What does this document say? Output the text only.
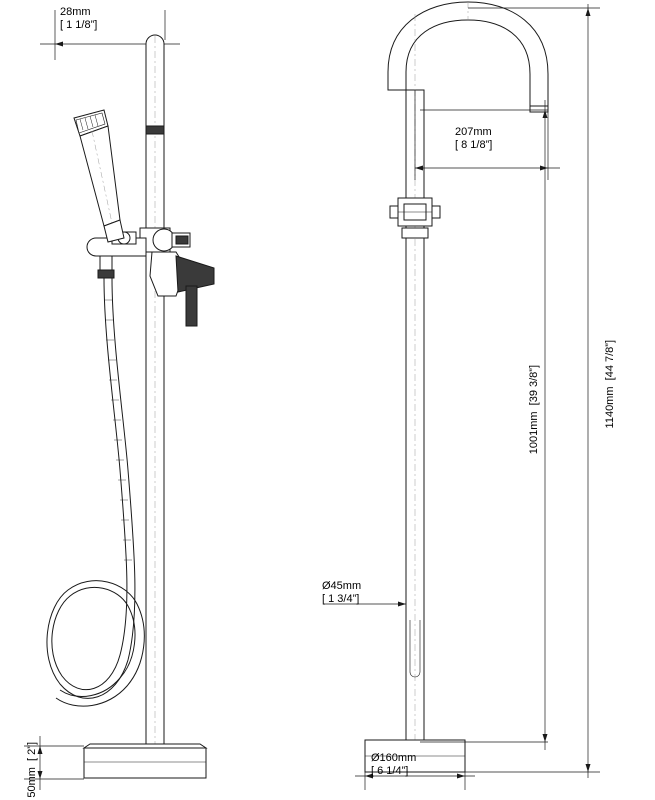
28mm
[ 1 1/8”]
207mm
[ 8 1/8”]
1001mm  [39 3/8”]
1140mm  [44 7/8”]
Ø45mm
[ 1 3/4”]
Ø160mm
[ 6 1/4”]
50mm  [ 2”]
